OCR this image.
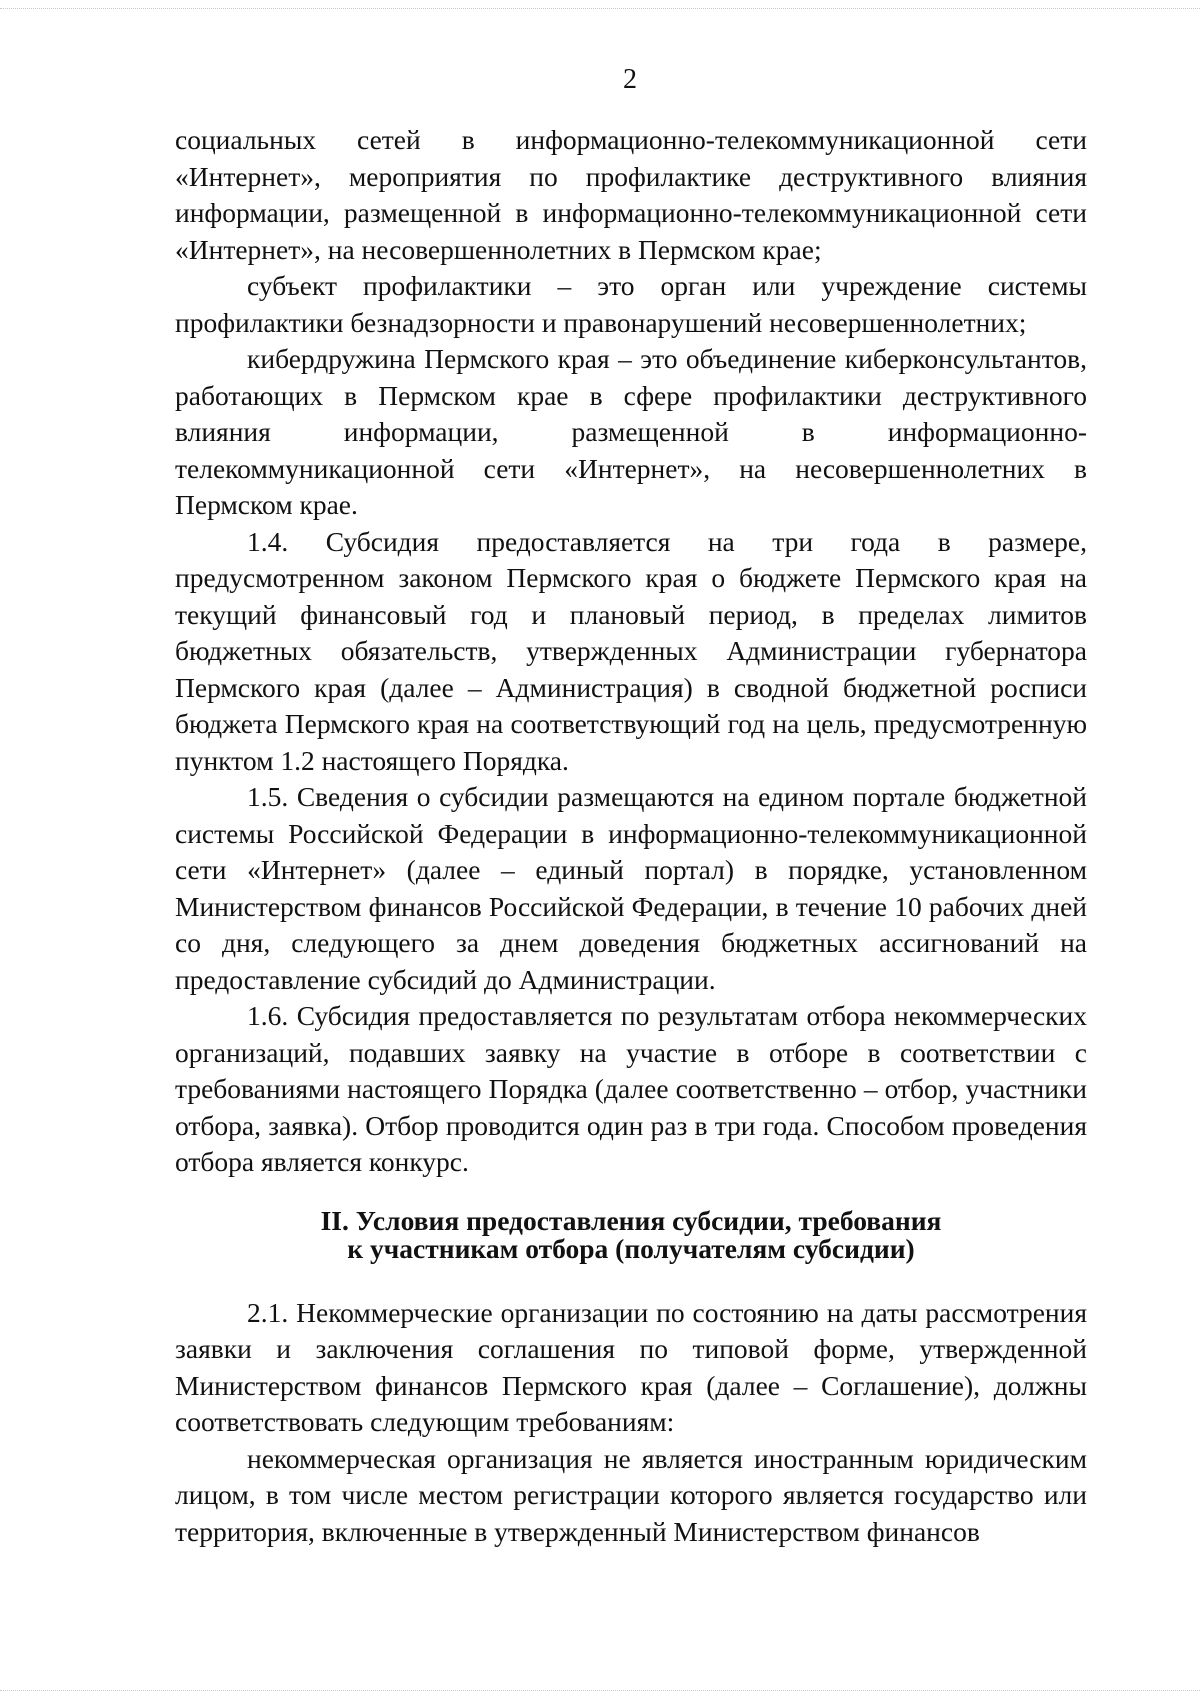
2

социальных сетей в информационно-телекоммуникационной сети «Интернет», мероприятия по профилактике деструктивного влияния информации, размещенной в информационно-телекоммуникационной сети «Интернет», на несовершеннолетних в Пермском крае;

субъект профилактики – это орган или учреждение системы профилактики безнадзорности и правонарушений несовершеннолетних;

кибердружина Пермского края – это объединение киберконсультантов, работающих в Пермском крае в сфере профилактики деструктивного влияния информации, размещенной в информационно-телекоммуникационной сети «Интернет», на несовершеннолетних в Пермском крае.

1.4. Субсидия предоставляется на три года в размере, предусмотренном законом Пермского края о бюджете Пермского края на текущий финансовый год и плановый период, в пределах лимитов бюджетных обязательств, утвержденных Администрации губернатора Пермского края (далее – Администрация) в сводной бюджетной росписи бюджета Пермского края на соответствующий год на цель, предусмотренную пунктом 1.2 настоящего Порядка.

1.5. Сведения о субсидии размещаются на едином портале бюджетной системы Российской Федерации в информационно-телекоммуникационной сети «Интернет» (далее – единый портал) в порядке, установленном Министерством финансов Российской Федерации, в течение 10 рабочих дней со дня, следующего за днем доведения бюджетных ассигнований на предоставление субсидий до Администрации.

1.6. Субсидия предоставляется по результатам отбора некоммерческих организаций, подавших заявку на участие в отборе в соответствии с требованиями настоящего Порядка (далее соответственно – отбор, участники отбора, заявка). Отбор проводится один раз в три года. Способом проведения отбора является конкурс.

II. Условия предоставления субсидии, требования
к участникам отбора (получателям субсидии)

2.1. Некоммерческие организации по состоянию на даты рассмотрения заявки и заключения соглашения по типовой форме, утвержденной Министерством финансов Пермского края (далее – Соглашение), должны соответствовать следующим требованиям:

некоммерческая организация не является иностранным юридическим лицом, в том числе местом регистрации которого является государство или территория, включенные в утвержденный Министерством финансов
